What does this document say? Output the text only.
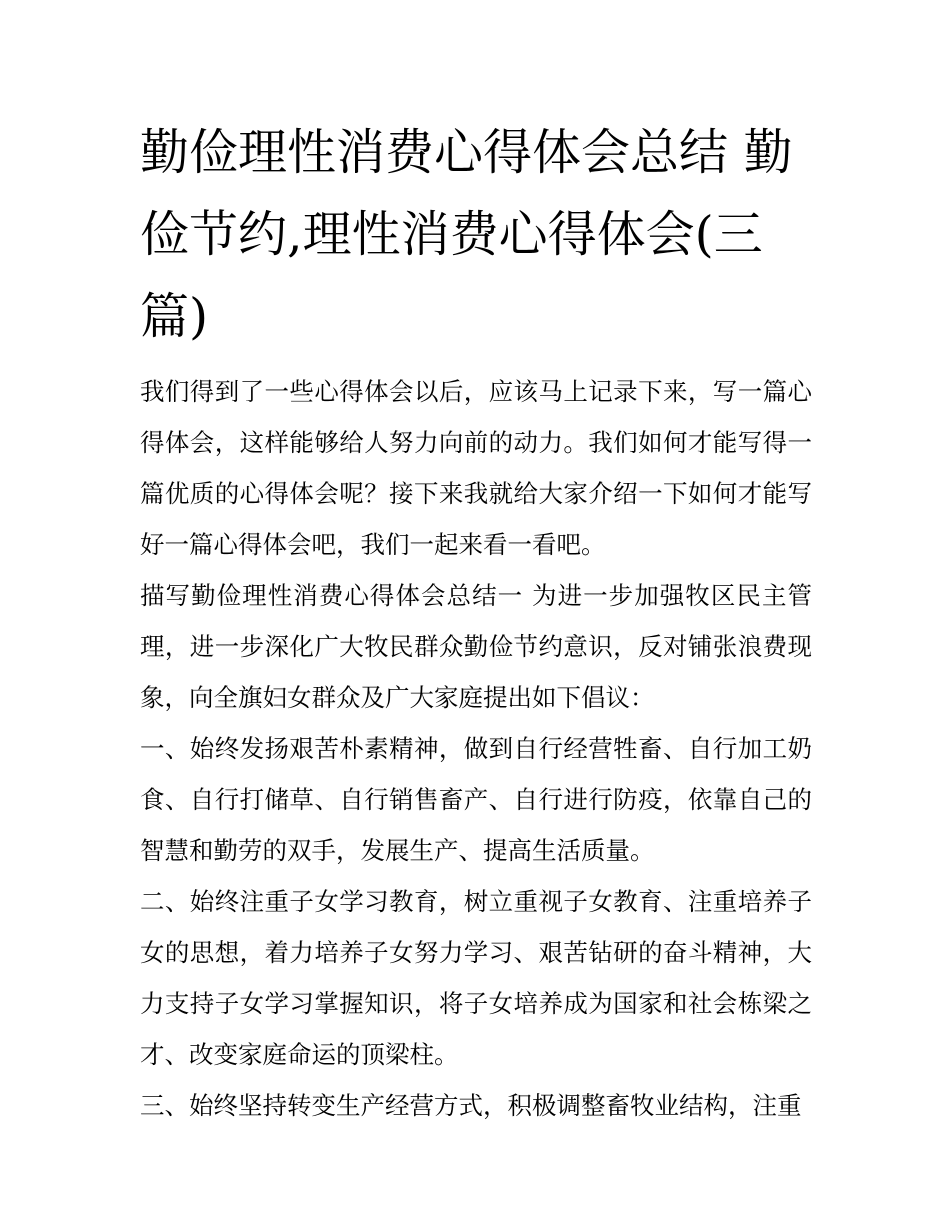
勤俭理性消费心得体会总结 勤俭节约,理性消费心得体会(三篇)

我们得到了一些心得体会以后，应该马上记录下来，写一篇心得体会，这样能够给人努力向前的动力。我们如何才能写得一篇优质的心得体会呢？接下来我就给大家介绍一下如何才能写好一篇心得体会吧，我们一起来看一看吧。

描写勤俭理性消费心得体会总结一 为进一步加强牧区民主管理，进一步深化广大牧民群众勤俭节约意识，反对铺张浪费现象，向全旗妇女群众及广大家庭提出如下倡议：

一、始终发扬艰苦朴素精神，做到自行经营牲畜、自行加工奶食、自行打储草、自行销售畜产、自行进行防疫，依靠自己的智慧和勤劳的双手，发展生产、提高生活质量。

二、始终注重子女学习教育，树立重视子女教育、注重培养子女的思想，着力培养子女努力学习、艰苦钻研的奋斗精神，大力支持子女学习掌握知识，将子女培养成为国家和社会栋梁之才、改变家庭命运的顶梁柱。

三、始终坚持转变生产经营方式，积极调整畜牧业结构，注重
